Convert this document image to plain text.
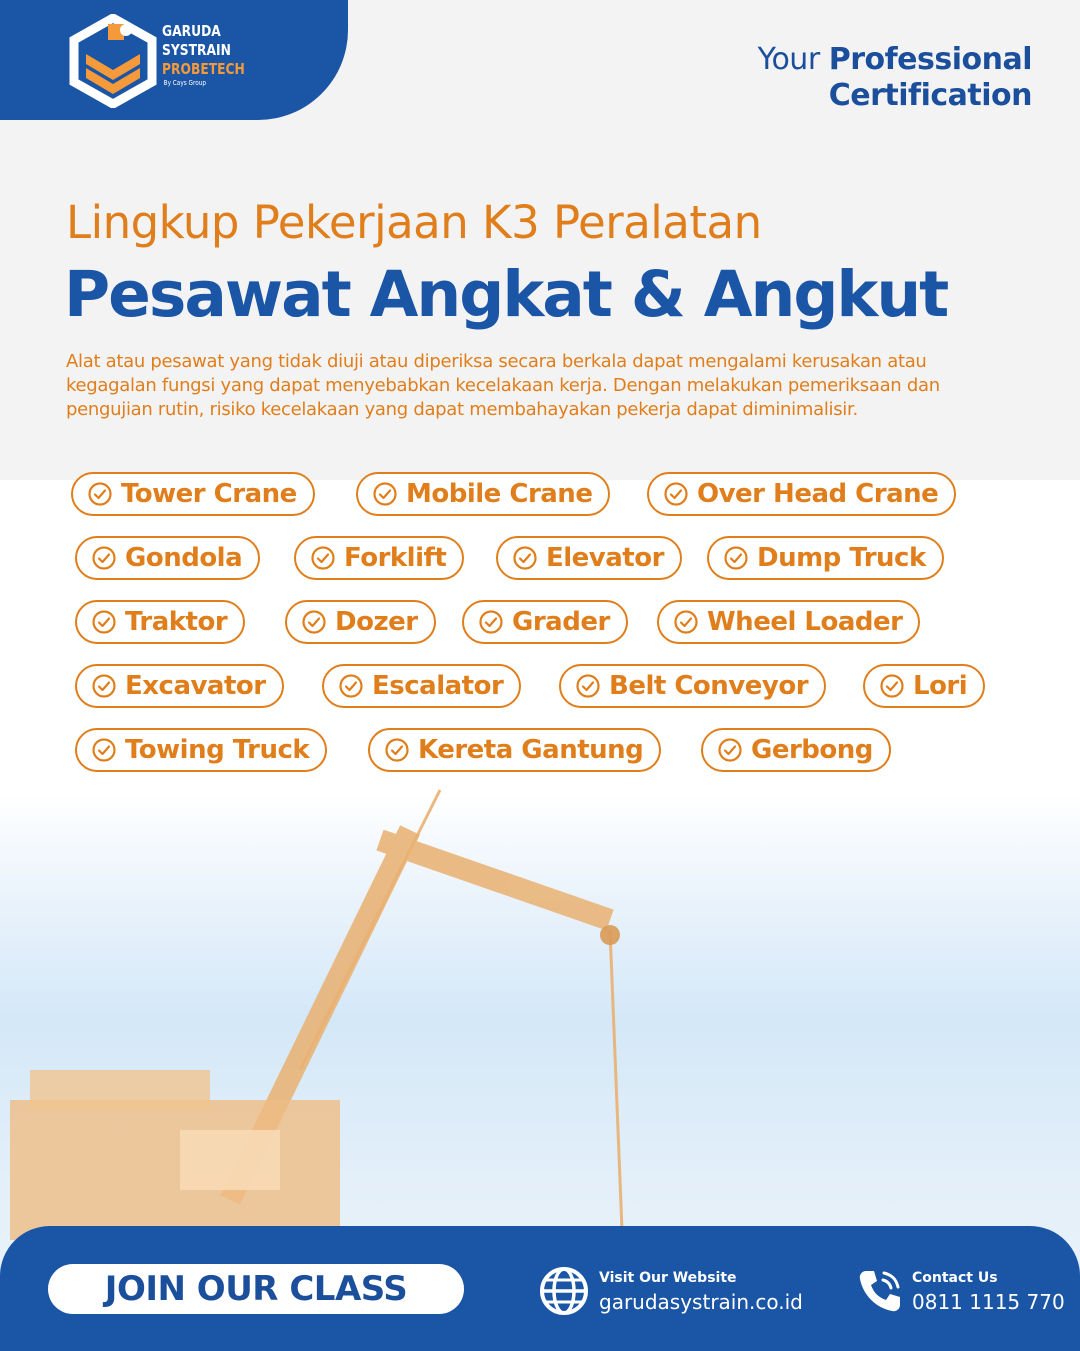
GARUDA
SYSTRAIN
PROBETECH
By Cays Group
Your Professional
Certification
Lingkup Pekerjaan K3 Peralatan
Pesawat Angkat & Angkut
Alat atau pesawat yang tidak diuji atau diperiksa secara berkala dapat mengalami kerusakan atau kegagalan fungsi yang dapat menyebabkan kecelakaan kerja. Dengan melakukan pemeriksaan dan pengujian rutin, risiko kecelakaan yang dapat membahayakan pekerja dapat diminimalisir.
Tower Crane	Mobile Crane	Over Head Crane
Gondola	Forklift	Elevator	Dump Truck
Traktor	Dozer	Grader	Wheel Loader
Excavator	Escalator	Belt Conveyor	Lori
Towing Truck	Kereta Gantung	Gerbong
JOIN OUR CLASS	Visit Our Website
garudasystrain.co.id
Contact Us
0811 1115 770
